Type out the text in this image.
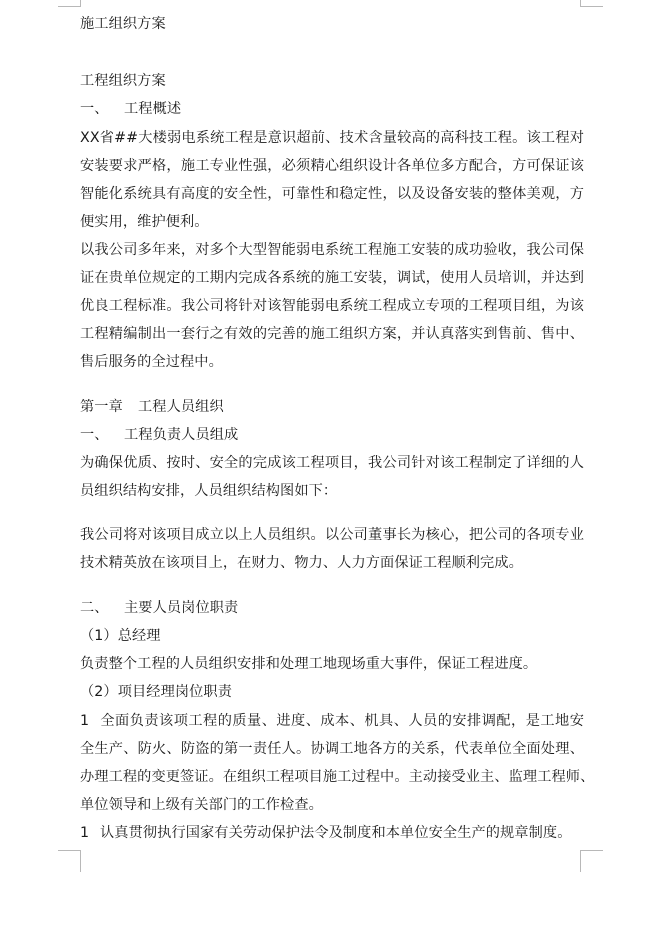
施工组织方案
工程组织方案
一、 工程概述
XX省##大楼弱电系统工程是意识超前、技术含量较高的高科技工程。该工程对
安装要求严格，施工专业性强，必须精心组织设计各单位多方配合，方可保证该
智能化系统具有高度的安全性，可靠性和稳定性，以及设备安装的整体美观，方
便实用，维护便利。
以我公司多年来，对多个大型智能弱电系统工程施工安装的成功验收，我公司保
证在贵单位规定的工期内完成各系统的施工安装，调试，使用人员培训，并达到
优良工程标准。我公司将针对该智能弱电系统工程成立专项的工程项目组，为该
工程精编制出一套行之有效的完善的施工组织方案，并认真落实到售前、售中、
售后服务的全过程中。
第一章 工程人员组织
一、 工程负责人员组成
为确保优质、按时、安全的完成该工程项目，我公司针对该工程制定了详细的人
员组织结构安排，人员组织结构图如下：
我公司将对该项目成立以上人员组织。以公司董事长为核心，把公司的各项专业
技术精英放在该项目上，在财力、物力、人力方面保证工程顺利完成。
二、 主要人员岗位职责
（1）总经理
负责整个工程的人员组织安排和处理工地现场重大事件，保证工程进度。
（2）项目经理岗位职责
1 全面负责该项工程的质量、进度、成本、机具、人员的安排调配，是工地安
全生产、防火、防盗的第一责任人。协调工地各方的关系，代表单位全面处理、
办理工程的变更签证。在组织工程项目施工过程中。主动接受业主、监理工程师、
单位领导和上级有关部门的工作检查。
1 认真贯彻执行国家有关劳动保护法令及制度和本单位安全生产的规章制度。
